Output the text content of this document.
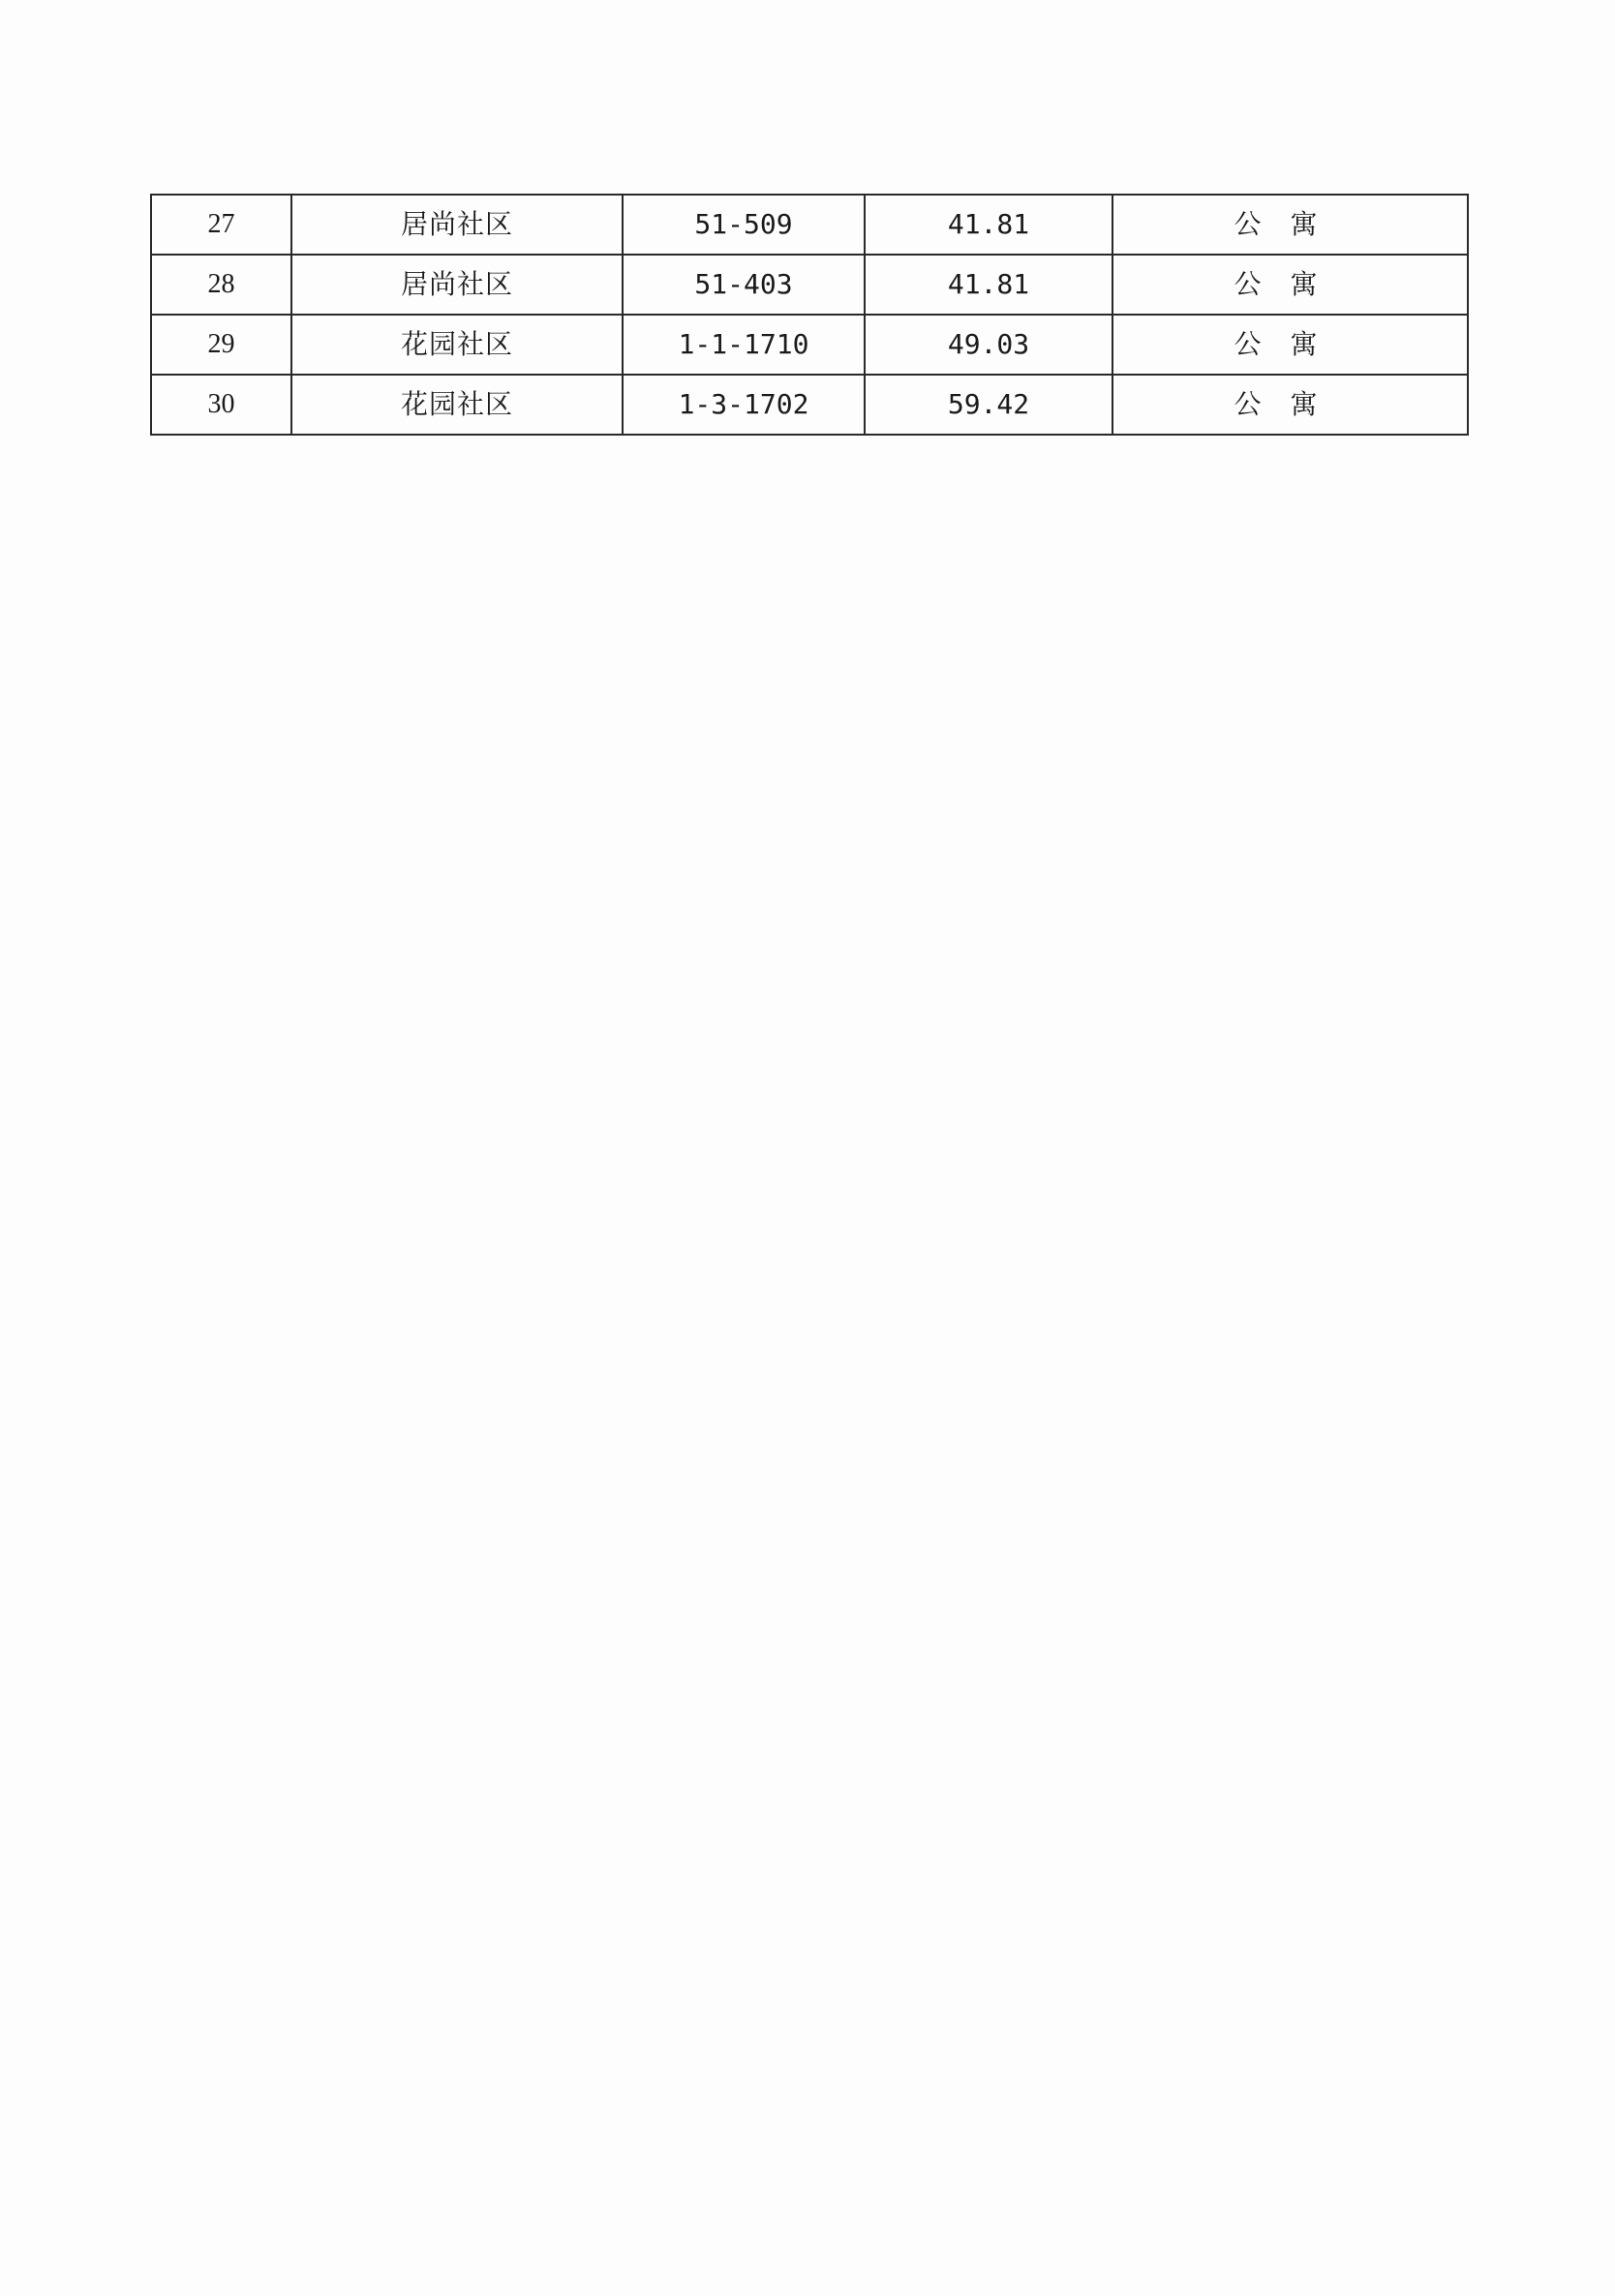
27	居尚社区	51-509	41.81	公寓
28	居尚社区	51-403	41.81	公寓
29	花园社区	1-1-1710	49.03	公寓
30	花园社区	1-3-1702	59.42	公寓
